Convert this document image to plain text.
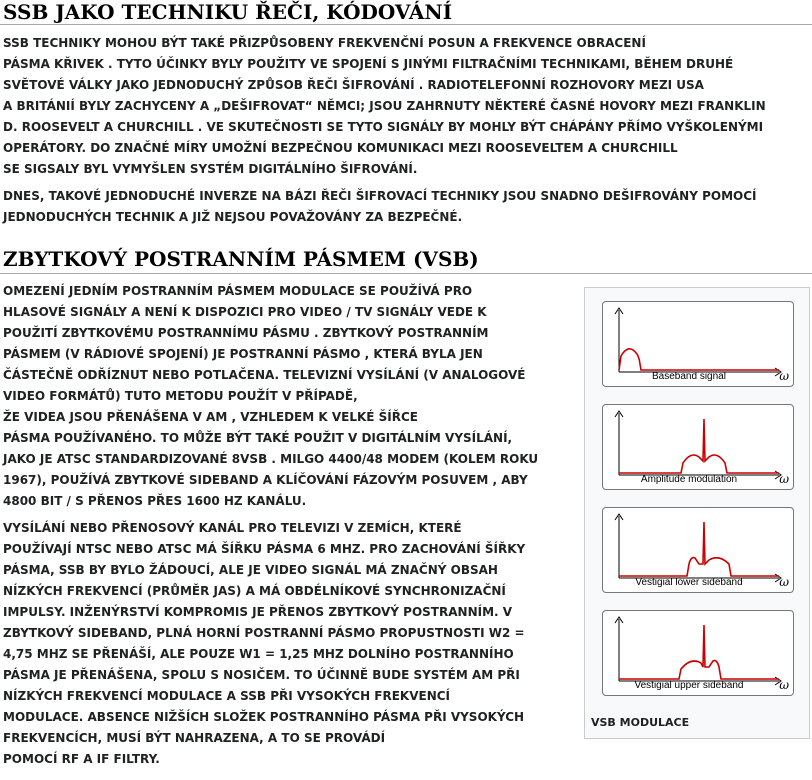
SSB JAKO TECHNIKU ŘEČI, KÓDOVÁNÍ
SSB TECHNIKY MOHOU BÝT TAKÉ PŘIZPŮSOBENY FREKVENČNÍ POSUN A FREKVENCE OBRACENÍ
PÁSMA KŘIVEK . TYTO ÚČINKY BYLY POUŽITY VE SPOJENÍ S JINÝMI FILTRAČNÍMI TECHNIKAMI, BĚHEM DRUHÉ
SVĚTOVÉ VÁLKY JAKO JEDNODUCHÝ ZPŮSOB ŘEČI ŠIFROVÁNÍ . RADIOTELEFONNÍ ROZHOVORY MEZI USA
A BRITÁNIÍ BYLY ZACHYCENY A „DEŠIFROVAT“ NĚMCI; JSOU ZAHRNUTY NĚKTERÉ ČASNÉ HOVORY MEZI FRANKLIN
D. ROOSEVELT A CHURCHILL . VE SKUTEČNOSTI SE TYTO SIGNÁLY BY MOHLY BÝT CHÁPÁNY PŘÍMO VYŠKOLENÝMI
OPERÁTORY. DO ZNAČNÉ MÍRY UMOŽNÍ BEZPEČNOU KOMUNIKACI MEZI ROOSEVELTEM A CHURCHILL
SE SIGSALY BYL VYMYŠLEN SYSTÉM DIGITÁLNÍHO ŠIFROVÁNÍ.
DNES, TAKOVÉ JEDNODUCHÉ INVERZE NA BÁZI ŘEČI ŠIFROVACÍ TECHNIKY JSOU SNADNO DEŠIFROVÁNY POMOCÍ
JEDNODUCHÝCH TECHNIK A JIŽ NEJSOU POVAŽOVÁNY ZA BEZPEČNÉ.
ZBYTKOVÝ POSTRANNÍM PÁSMEM (VSB)
OMEZENÍ JEDNÍM POSTRANNÍM PÁSMEM MODULACE SE POUŽÍVÁ PRO
HLASOVÉ SIGNÁLY A NENÍ K DISPOZICI PRO VIDEO / TV SIGNÁLY VEDE K
POUŽITÍ ZBYTKOVÉMU POSTRANNÍMU PÁSMU . ZBYTKOVÝ POSTRANNÍM
PÁSMEM (V RÁDIOVÉ SPOJENÍ) JE POSTRANNÍ PÁSMO , KTERÁ BYLA JEN
ČÁSTEČNĚ ODŘÍZNUT NEBO POTLAČENA. TELEVIZNÍ VYSÍLÁNÍ (V ANALOGOVÉ
VIDEO FORMÁTŮ) TUTO METODU POUŽÍT V PŘÍPADĚ,
ŽE VIDEA JSOU PŘENÁŠENA V AM , VZHLEDEM K VELKÉ ŠÍŘCE
PÁSMA POUŽÍVANÉHO. TO MŮŽE BÝT TAKÉ POUŽIT V DIGITÁLNÍM VYSÍLÁNÍ,
JAKO JE ATSC STANDARDIZOVANÉ 8VSB . MILGO 4400/48 MODEM (KOLEM ROKU
1967), POUŽÍVÁ ZBYTKOVÉ SIDEBAND A KLÍČOVÁNÍ FÁZOVÝM POSUVEM , ABY
4800 BIT / S PŘENOS PŘES 1600 HZ KANÁLU.
VYSÍLÁNÍ NEBO PŘENOSOVÝ KANÁL PRO TELEVIZI V ZEMÍCH, KTERÉ
POUŽÍVAJÍ NTSC NEBO ATSC MÁ ŠÍŘKU PÁSMA 6 MHZ. PRO ZACHOVÁNÍ ŠÍŘKY
PÁSMA, SSB BY BYLO ŽÁDOUCÍ, ALE JE VIDEO SIGNÁL MÁ ZNAČNÝ OBSAH
NÍZKÝCH FREKVENCÍ (PRŮMĚR JAS) A MÁ OBDÉLNÍKOVÉ SYNCHRONIZAČNÍ
IMPULSY. INŽENÝRSTVÍ KOMPROMIS JE PŘENOS ZBYTKOVÝ POSTRANNÍM. V
ZBYTKOVÝ SIDEBAND, PLNÁ HORNÍ POSTRANNÍ PÁSMO PROPUSTNOSTI W2 =
4,75 MHZ SE PŘENÁŠÍ, ALE POUZE W1 = 1,25 MHZ DOLNÍHO POSTRANNÍHO
PÁSMA JE PŘENÁŠENA, SPOLU S NOSIČEM. TO ÚČINNĚ BUDE SYSTÉM AM PŘI
NÍZKÝCH FREKVENCÍ MODULACE A SSB PŘI VYSOKÝCH FREKVENCÍ
MODULACE. ABSENCE NIŽŠÍCH SLOŽEK POSTRANNÍHO PÁSMA PŘI VYSOKÝCH
FREKVENCÍCH, MUSÍ BÝT NAHRAZENA, A TO SE PROVÁDÍ
POMOCÍ RF A IF FILTRY.
Baseband signal	ω
Amplitude modulation	ω
Vestigial lower sideband	ω
Vestigial upper sideband	ω
VSB MODULACE
